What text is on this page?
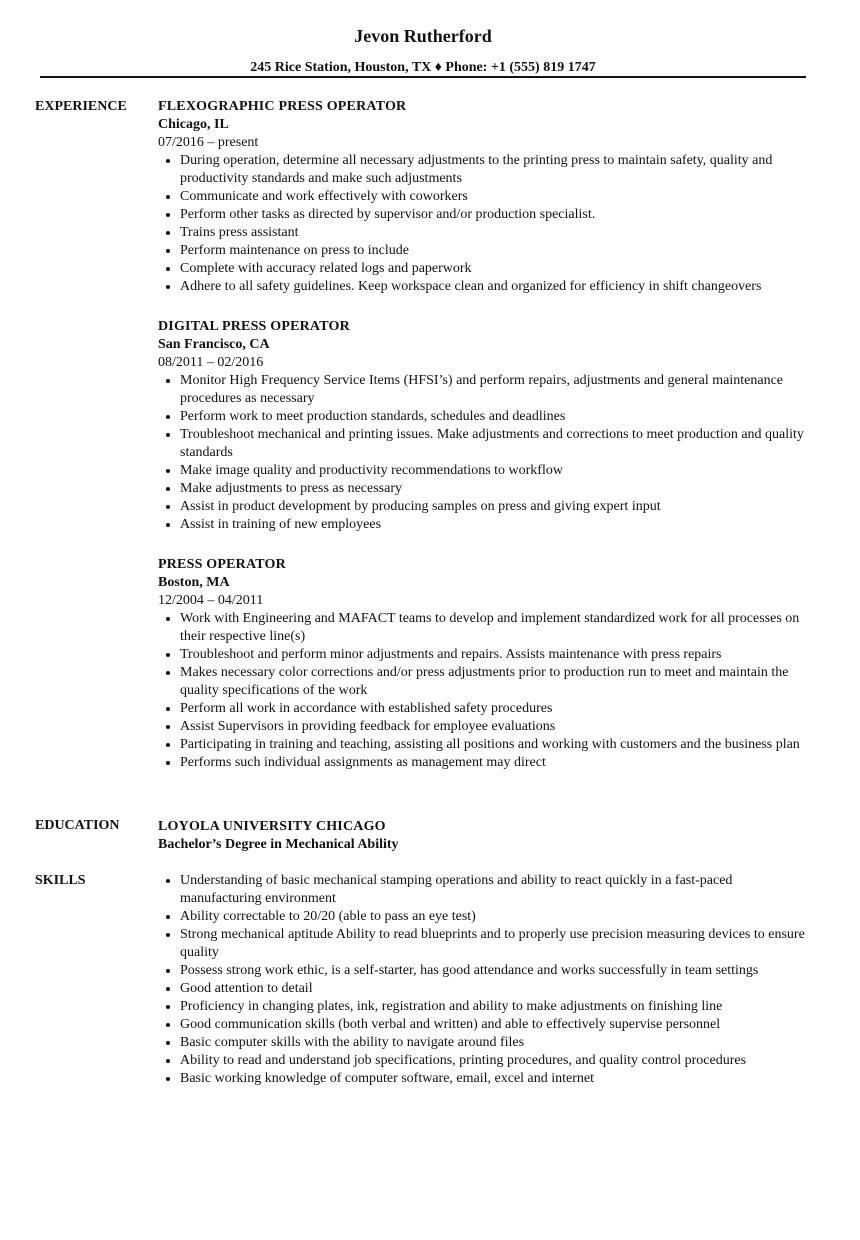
Jevon Rutherford
245 Rice Station, Houston, TX ♦ Phone: +1 (555) 819 1747
EXPERIENCE FLEXOGRAPHIC PRESS OPERATOR
Chicago, IL
07/2016 – present
• During operation, determine all necessary adjustments to the printing press to maintain safety, quality and productivity standards and make such adjustments
• Communicate and work effectively with coworkers
• Perform other tasks as directed by supervisor and/or production specialist.
• Trains press assistant
• Perform maintenance on press to include
• Complete with accuracy related logs and paperwork
• Adhere to all safety guidelines. Keep workspace clean and organized for efficiency in shift changeovers
DIGITAL PRESS OPERATOR
San Francisco, CA
08/2011 – 02/2016
• Monitor High Frequency Service Items (HFSI’s) and perform repairs, adjustments and general maintenance procedures as necessary
• Perform work to meet production standards, schedules and deadlines
• Troubleshoot mechanical and printing issues. Make adjustments and corrections to meet production and quality standards
• Make image quality and productivity recommendations to workflow
• Make adjustments to press as necessary
• Assist in product development by producing samples on press and giving expert input
• Assist in training of new employees
PRESS OPERATOR
Boston, MA
12/2004 – 04/2011
• Work with Engineering and MAFACT teams to develop and implement standardized work for all processes on their respective line(s)
• Troubleshoot and perform minor adjustments and repairs. Assists maintenance with press repairs
• Makes necessary color corrections and/or press adjustments prior to production run to meet and maintain the quality specifications of the work
• Perform all work in accordance with established safety procedures
• Assist Supervisors in providing feedback for employee evaluations
• Participating in training and teaching, assisting all positions and working with customers and the business plan
• Performs such individual assignments as management may direct
EDUCATION	LOYOLA UNIVERSITY CHICAGO
Bachelor’s Degree in Mechanical Ability
SKILLS
•	Understanding of basic mechanical stamping operations and ability to react quickly in a fast-paced manufacturing environment
• Ability correctable to 20/20 (able to pass an eye test)
• Strong mechanical aptitude Ability to read blueprints and to properly use precision measuring devices to ensure quality
• Possess strong work ethic, is a self-starter, has good attendance and works successfully in team settings
• Good attention to detail
• Proficiency in changing plates, ink, registration and ability to make adjustments on finishing line
• Good communication skills (both verbal and written) and able to effectively supervise personnel
• Basic computer skills with the ability to navigate around files
• Ability to read and understand job specifications, printing procedures, and quality control procedures
• Basic working knowledge of computer software, email, excel and internet
